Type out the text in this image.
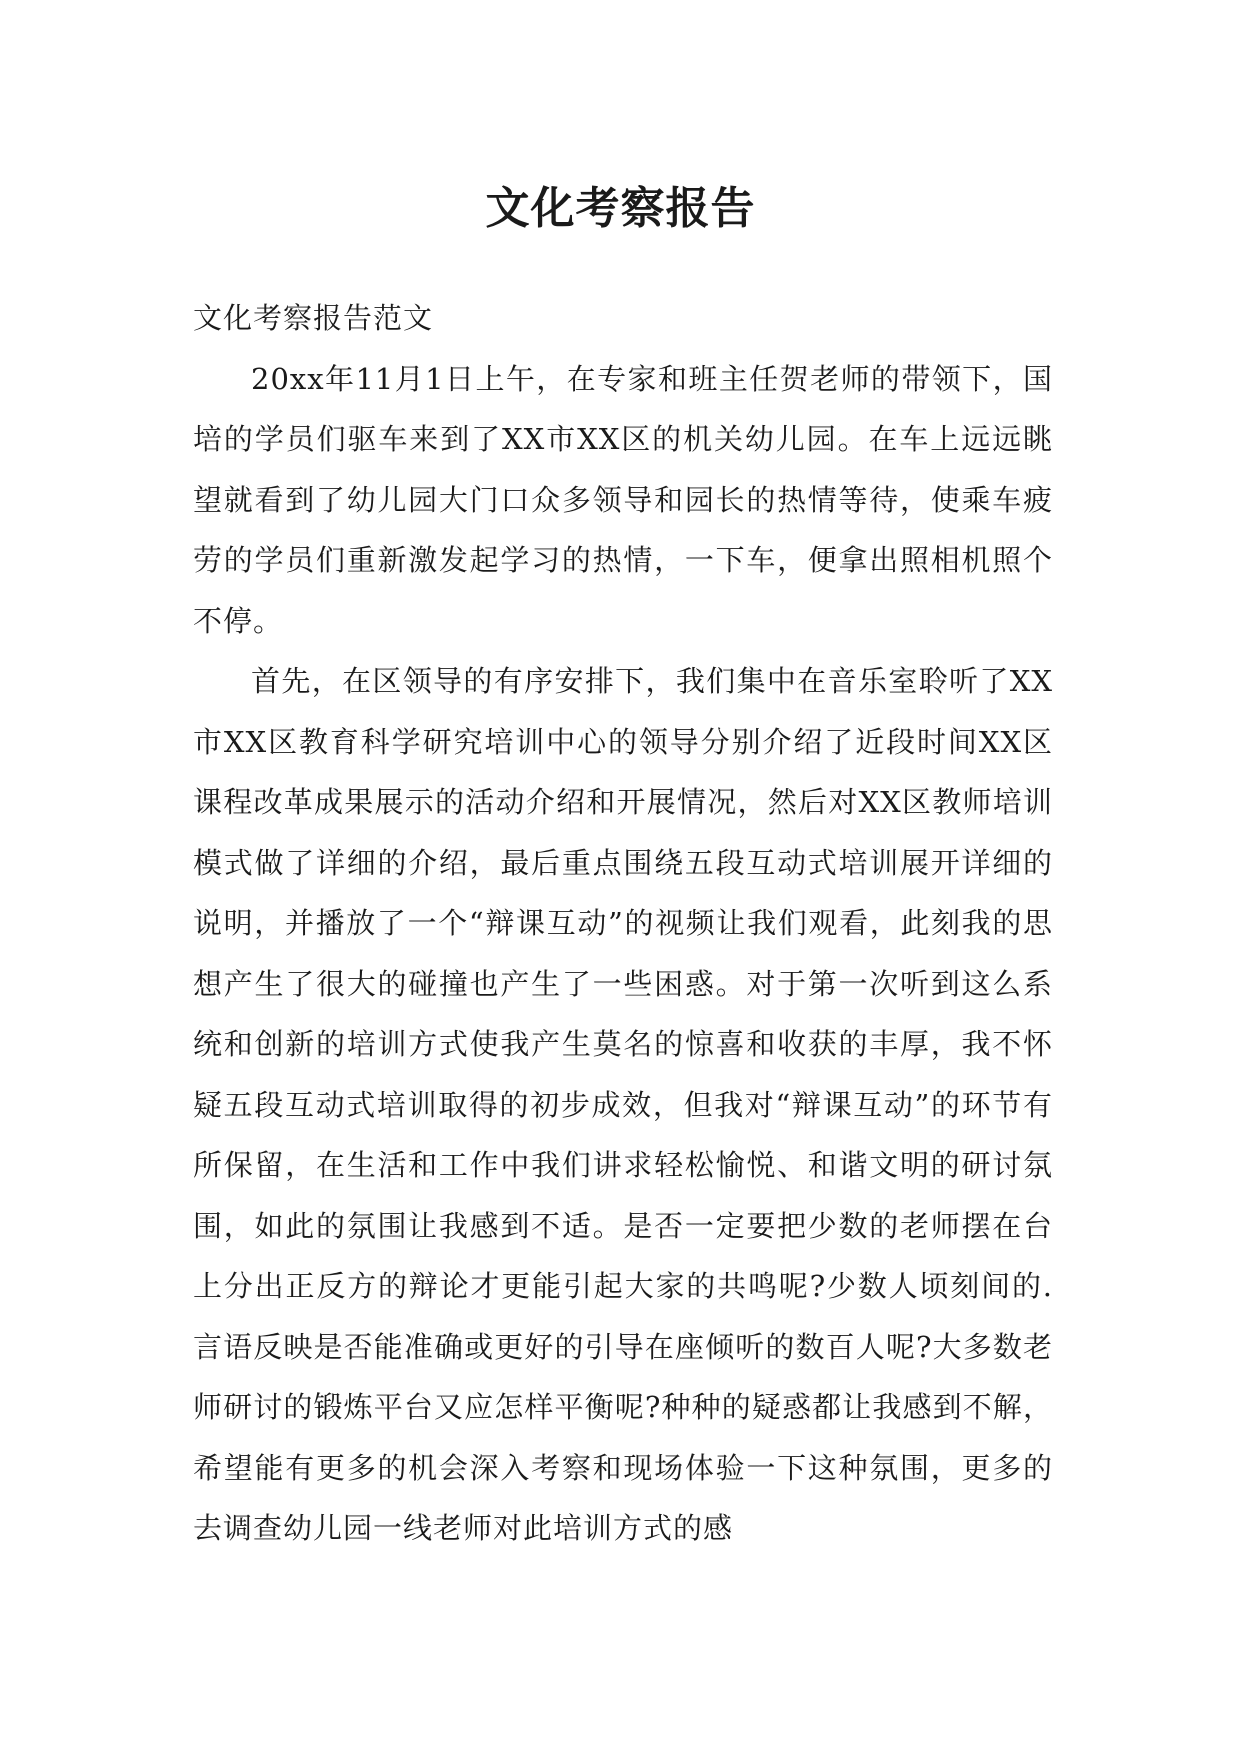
文化考察报告

文化考察报告范文

20xx年11月1日上午，在专家和班主任贺老师的带领下，国培的学员们驱车来到了XX市XX区的机关幼儿园。在车上远远眺望就看到了幼儿园大门口众多领导和园长的热情等待，使乘车疲劳的学员们重新激发起学习的热情，一下车，便拿出照相机照个不停。

首先，在区领导的有序安排下，我们集中在音乐室聆听了XX市XX区教育科学研究培训中心的领导分别介绍了近段时间XX区课程改革成果展示的活动介绍和开展情况，然后对XX区教师培训模式做了详细的介绍，最后重点围绕五段互动式培训展开详细的说明，并播放了一个“辩课互动”的视频让我们观看，此刻我的思想产生了很大的碰撞也产生了一些困惑。对于第一次听到这么系统和创新的培训方式使我产生莫名的惊喜和收获的丰厚，我不怀疑五段互动式培训取得的初步成效，但我对“辩课互动”的环节有所保留，在生活和工作中我们讲求轻松愉悦、和谐文明的研讨氛围，如此的氛围让我感到不适。是否一定要把少数的老师摆在台上分出正反方的辩论才更能引起大家的共鸣呢?少数人顷刻间的.言语反映是否能准确或更好的引导在座倾听的数百人呢?大多数老师研讨的锻炼平台又应怎样平衡呢?种种的疑惑都让我感到不解，希望能有更多的机会深入考察和现场体验一下这种氛围，更多的去调查幼儿园一线老师对此培训方式的感
